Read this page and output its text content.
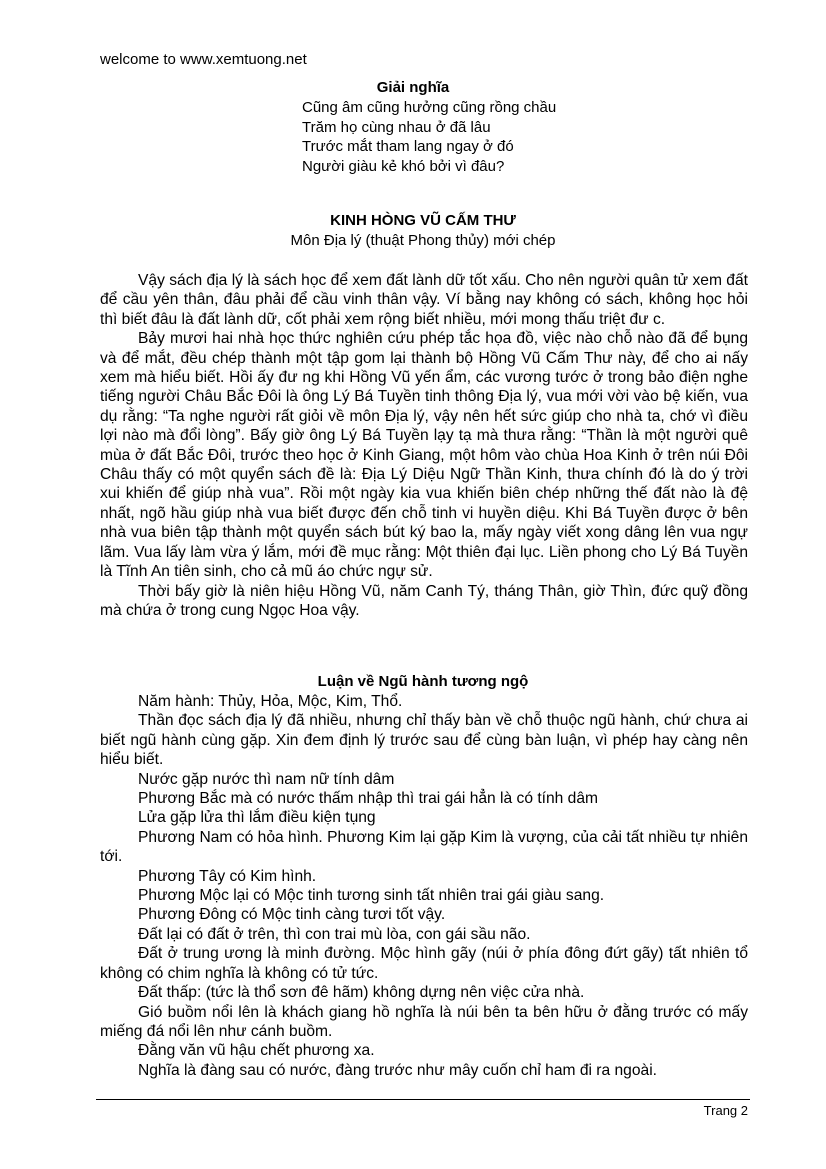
welcome to www.xemtuong.net
Giải nghĩa
Cũng âm cũng hưởng cũng rồng chầu
Trăm họ cùng nhau ở đã lâu
Trước mắt tham lang ngay ở đó
Người giàu kẻ khó bởi vì đâu?
KINH HÒNG VŨ CẤM THƯ
Môn Địa lý (thuật Phong thủy) mới chép

Vậy sách địa lý là sách học để xem đất lành dữ tốt xấu. Cho nên người quân tử xem đất để cầu yên thân, đâu phải để cầu vinh thân vậy. Ví bằng nay không có sách, không học hỏi thì biết đâu là đất lành dữ, cốt phải xem rộng biết nhiều, mới mong thấu triệt đư c.

Bảy mươi hai nhà học thức nghiên cứu phép tắc họa đồ, việc nào chỗ nào đã để bụng và để mắt, đều chép thành một tập gom lại thành bộ Hồng Vũ Cấm Thư này, để cho ai nấy xem mà hiểu biết. Hồi ấy đư ng khi Hồng Vũ yến ẩm, các vương tước ở trong bảo điện nghe tiếng người Châu Bắc Đôi là ông Lý Bá Tuyền tinh thông Địa lý, vua mới vời vào bệ kiến, vua dụ rằng: “Ta nghe người rất giỏi về môn Địa lý, vậy nên hết sức giúp cho nhà ta, chớ vì điều lợi nào mà đổi lòng”. Bấy giờ ông Lý Bá Tuyền lạy tạ mà thưa rằng: “Thần là một người quê mùa ở đất Bắc Đôi, trước theo học ở Kinh Giang, một hôm vào chùa Hoa Kinh ở trên núi Đôi Châu thấy có một quyển sách đề là: Địa Lý Diệu Ngữ Thần Kinh, thưa chính đó là do ý trời xui khiến để giúp nhà vua”. Rồi một ngày kia vua khiến biên chép những thế đất nào là đệ nhất, ngõ hầu giúp nhà vua biết được đến chỗ tinh vi huyền diệu. Khi Bá Tuyền được ở bên nhà vua biên tập thành một quyển sách bút ký bao la, mấy ngày viết xong dâng lên vua ngự lãm. Vua lấy làm vừa ý lắm, mới đề mục rằng: Một thiên đại lục. Liền phong cho Lý Bá Tuyền là Tĩnh An tiên sinh, cho cả mũ áo chức ngự sử.

Thời bấy giờ là niên hiệu Hồng Vũ, năm Canh Tý, tháng Thân, giờ Thìn, đức quỹ đồng mà chứa ở trong cung Ngọc Hoa vậy.

Luận về Ngũ hành tương ngộ

Năm hành: Thủy, Hỏa, Mộc, Kim, Thổ.

Thần đọc sách địa lý đã nhiều, nhưng chỉ thấy bàn về chỗ thuộc ngũ hành, chứ chưa ai biết ngũ hành cùng gặp. Xin đem định lý trước sau để cùng bàn luận, vì phép hay càng nên hiểu biết.

Nước gặp nước thì nam nữ tính dâm

Phương Bắc mà có nước thấm nhập thì trai gái hẳn là có tính dâm

Lửa gặp lửa thì lắm điều kiện tụng

Phương Nam có hỏa hình. Phương Kim lại gặp Kim là vượng, của cải tất nhiều tự nhiên tới.

Phương Tây có Kim hình.

Phương Mộc lại có Mộc tinh tương sinh tất nhiên trai gái giàu sang.

Phương Đông có Mộc tinh càng tươi tốt vậy.

Đất lại có đất ở trên, thì con trai mù lòa, con gái sầu não.

Đất ở trung ương là minh đường. Mộc hình gãy (núi ở phía đông đứt gãy) tất nhiên tổ không có chim nghĩa là không có tử tức.

Đất thấp: (tức là thổ sơn đê hãm) không dựng nên việc cửa nhà.

Gió buồm nổi lên là khách giang hồ nghĩa là núi bên ta bên hữu ở đằng trước có mấy miếng đá nổi lên như cánh buồm.

Đằng văn vũ hậu chết phương xa.

Nghĩa là đàng sau có nước, đàng trước như mây cuốn chỉ ham đi ra ngoài.

Trang 2
